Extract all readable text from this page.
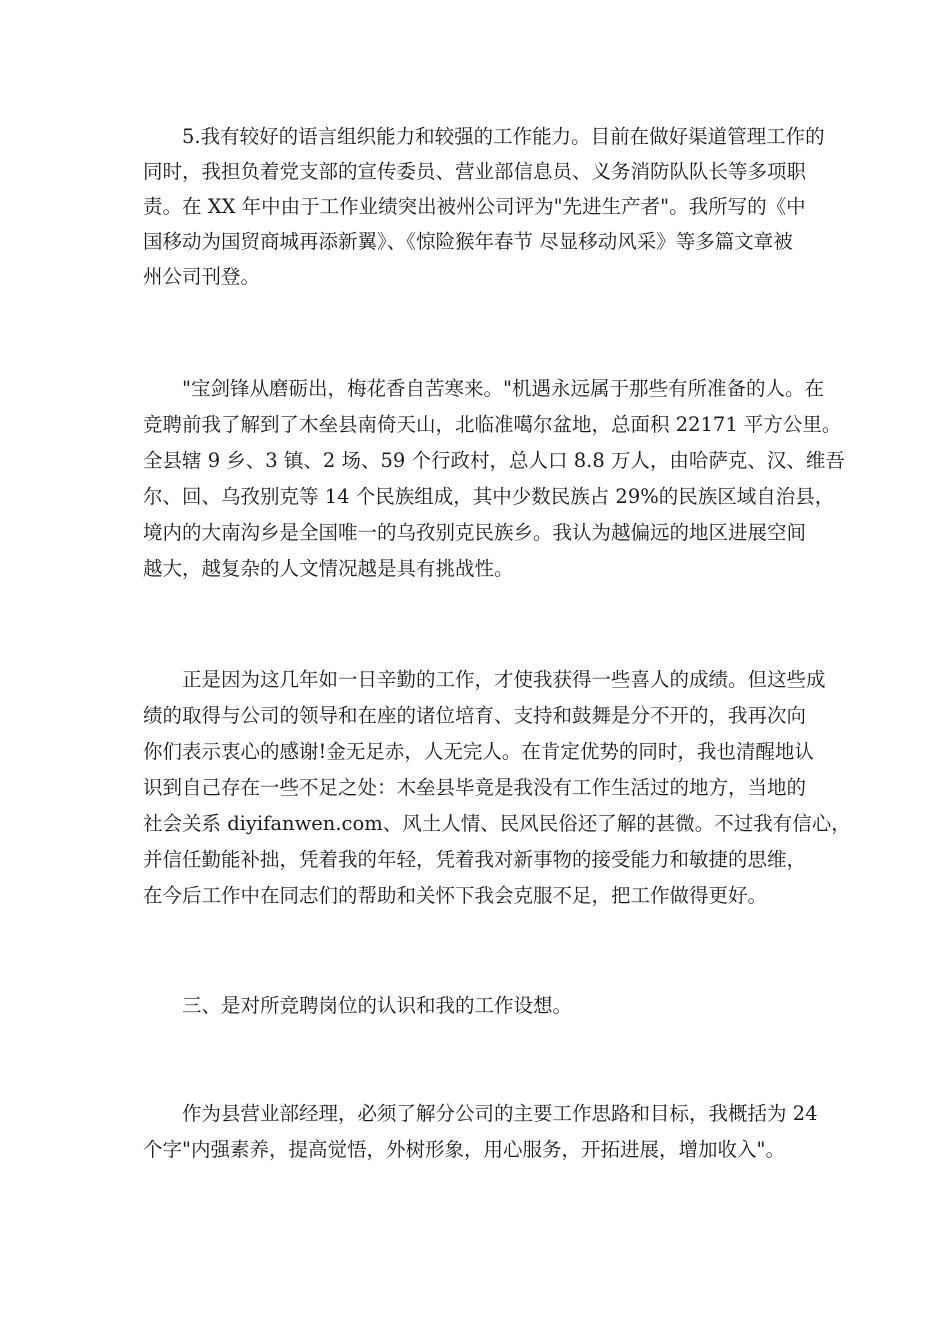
　　5.我有较好的语言组织能力和较强的工作能力。目前在做好渠道管理工作的
同时，我担负着党支部的宣传委员、营业部信息员、义务消防队队长等多项职
责。在 XX 年中由于工作业绩突出被州公司评为"先进生产者"。我所写的《中
国移动为国贸商城再添新翼》、《惊险猴年春节 尽显移动风采》等多篇文章被
州公司刊登。
　　"宝剑锋从磨砺出，梅花香自苦寒来。"机遇永远属于那些有所准备的人。在
竞聘前我了解到了木垒县南倚天山，北临准噶尔盆地，总面积 22171 平方公里。
全县辖 9 乡、3 镇、2 场、59 个行政村，总人口 8.8 万人，由哈萨克、汉、维吾
尔、回、乌孜别克等 14 个民族组成，其中少数民族占 29%的民族区域自治县，
境内的大南沟乡是全国唯一的乌孜别克民族乡。我认为越偏远的地区进展空间
越大，越复杂的人文情况越是具有挑战性。
　　正是因为这几年如一日辛勤的工作，才使我获得一些喜人的成绩。但这些成
绩的取得与公司的领导和在座的诸位培育、支持和鼓舞是分不开的，我再次向
你们表示衷心的感谢!金无足赤，人无完人。在肯定优势的同时，我也清醒地认
识到自己存在一些不足之处：木垒县毕竟是我没有工作生活过的地方，当地的
社会关系 diyifanwen.com、风土人情、民风民俗还了解的甚微。不过我有信心，
并信任勤能补拙，凭着我的年轻，凭着我对新事物的接受能力和敏捷的思维，
在今后工作中在同志们的帮助和关怀下我会克服不足，把工作做得更好。
　　三、是对所竞聘岗位的认识和我的工作设想。
　　作为县营业部经理，必须了解分公司的主要工作思路和目标，我概括为 24
个字"内强素养，提高觉悟，外树形象，用心服务，开拓进展，增加收入"。
